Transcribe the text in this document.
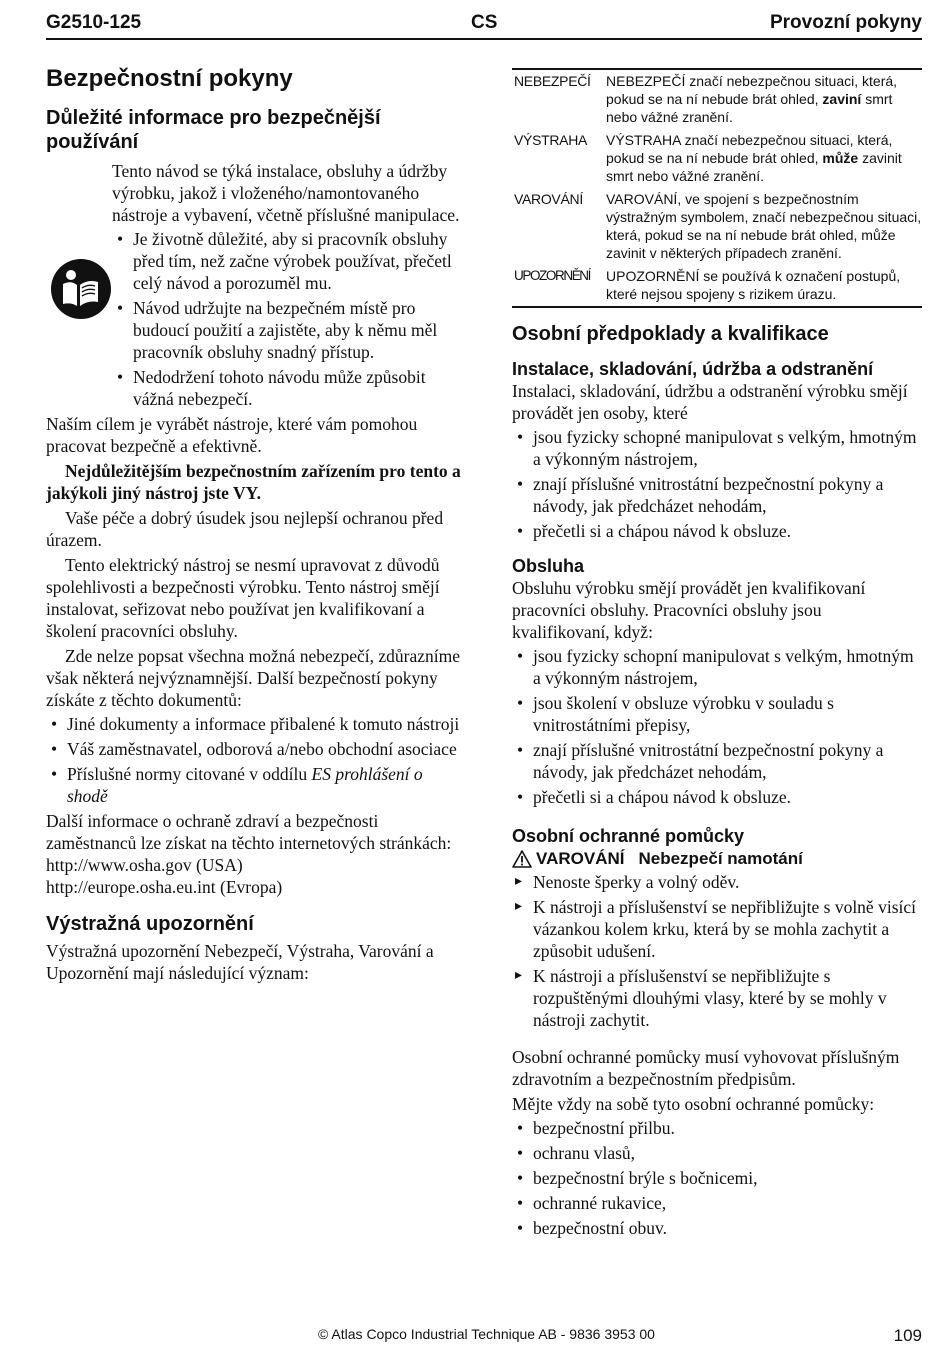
G2510-125	CS	Provozní pokyny
Bezpečnostní pokyny
Důležité informace pro bezpečnější používání

Tento návod se týká instalace, obsluhy a údržby výrobku, jakož i vloženého/namontovaného nástroje a vybavení, včetně příslušné manipulace.

• Je životně důležité, aby si pracovník obsluhy před tím, než začne výrobek používat, přečetl celý návod a porozuměl mu.
• Návod udržujte na bezpečném místě pro budoucí použití a zajistěte, aby k němu měl pracovník obsluhy snadný přístup.
• Nedodržení tohoto návodu může způsobit vážná nebezpečí.

Naším cílem je vyrábět nástroje, které vám pomohou pracovat bezpečně a efektivně.

Nejdůležitějším bezpečnostním zařízením pro tento a jakýkoli jiný nástroj jste VY.

Vaše péče a dobrý úsudek jsou nejlepší ochranou před úrazem.

Tento elektrický nástroj se nesmí upravovat z důvodů spolehlivosti a bezpečnosti výrobku. Tento nástroj smějí instalovat, seřizovat nebo používat jen kvalifikovaní a školení pracovníci obsluhy.

Zde nelze popsat všechna možná nebezpečí, zdůrazníme však některá nejvýznamnější. Další bezpečností pokyny získáte z těchto dokumentů:

• Jiné dokumenty a informace přibalené k tomuto nástroji
• Váš zaměstnavatel, odborová a/nebo obchodní asociace
• Příslušné normy citované v oddílu ES prohlášení o shodě

Další informace o ochraně zdraví a bezpečnosti zaměstnanců lze získat na těchto internetových stránkách:

http://www.osha.gov (USA)

http://europe.osha.eu.int (Evropa)

Výstražná upozornění

Výstražná upozornění Nebezpečí, Výstraha, Varování a Upozornění mají následující význam:

NEBEZPEČÍ	NEBEZPEČÍ značí nebezpečnou situaci, která, pokud se na ní nebude brát ohled, zaviní smrt nebo vážné zranění.
VÝSTRAHA	VÝSTRAHA značí nebezpečnou situaci, která, pokud se na ní nebude brát ohled, může zavinit smrt nebo vážné zranění.
VAROVÁNÍ	VAROVÁNÍ, ve spojení s bezpečnostním výstražným symbolem, značí nebezpečnou situaci, která, pokud se na ní nebude brát ohled, může zavinit v některých případech zranění.
UPOZORNĚNÍ	UPOZORNĚNÍ se používá k označení postupů, které nejsou spojeny s rizikem úrazu.
Osobní předpoklady a kvalifikace
Instalace, skladování, údržba a odstranění

Instalaci, skladování, údržbu a odstranění výrobku smějí provádět jen osoby, které

• jsou fyzicky schopné manipulovat s velkým, hmotným a výkonným nástrojem,
• znají příslušné vnitrostátní bezpečnostní pokyny a návody, jak předcházet nehodám,
• přečetli si a chápou návod k obsluze.
Obsluha

Obsluhu výrobku smějí provádět jen kvalifikovaní pracovníci obsluhy. Pracovníci obsluhy jsou kvalifikovaní, když:

• jsou fyzicky schopní manipulovat s velkým, hmotným a výkonným nástrojem,
• jsou školení v obsluze výrobku v souladu s vnitrostátními přepisy,
• znají příslušné vnitrostátní bezpečnostní pokyny a návody, jak předcházet nehodám,
• přečetli si a chápou návod k obsluze.
Osobní ochranné pomůcky
VAROVÁNÍ Nebezpečí namotání
▸ Nenoste šperky a volný oděv.
▸ K nástroji a příslušenství se nepřibližujte s volně visící vázankou kolem krku, která by se mohla zachytit a způsobit udušení.
▸ K nástroji a příslušenství se nepřibližujte s rozpuštěnými dlouhými vlasy, které by se mohly v nástroji zachytit.

Osobní ochranné pomůcky musí vyhovovat příslušným zdravotním a bezpečnostním předpisům.

Mějte vždy na sobě tyto osobní ochranné pomůcky:

• bezpečnostní přilbu.
• ochranu vlasů,
• bezpečnostní brýle s bočnicemi,
• ochranné rukavice,
• bezpečnostní obuv.
© Atlas Copco Industrial Technique AB - 9836 3953 00	109
